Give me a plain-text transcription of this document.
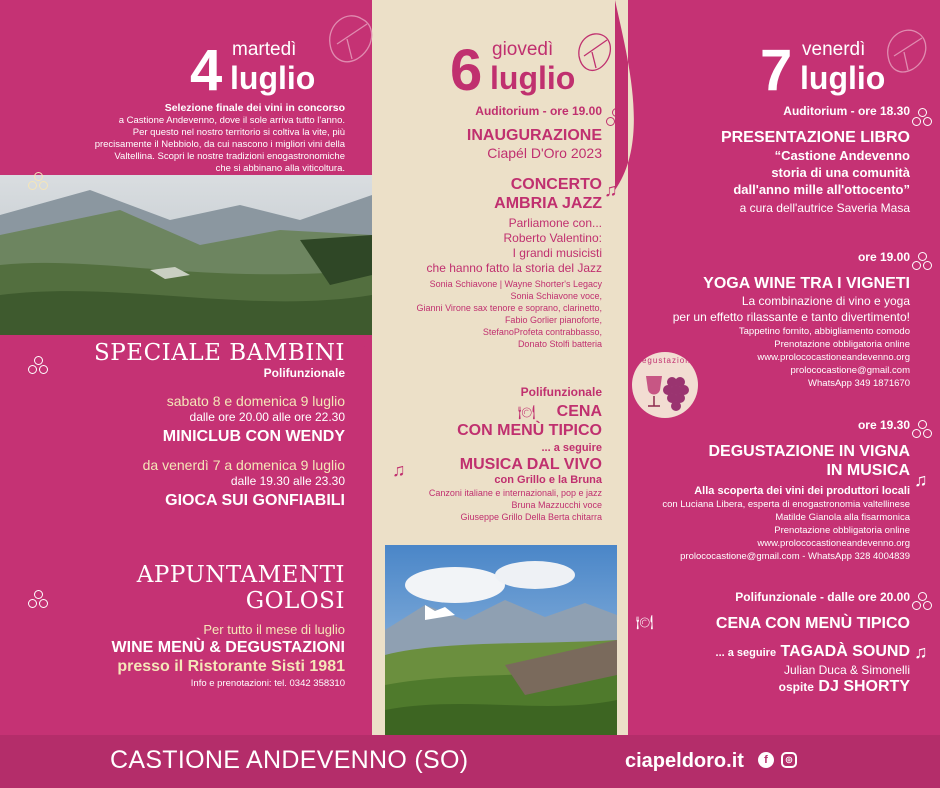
4 martedì
luglio
Selezione finale dei vini in concorso
a Castione Andevenno, dove il sole arriva tutto l'anno.
Per questo nel nostro territorio si coltiva la vite, più
precisamente il Nebbiolo, da cui nascono i migliori vini della
Valtellina. Scopri le nostre tradizioni enogastronomiche
che si abbinano alla viticoltura.
SPECIALE BAMBINI
Polifunzionale
sabato 8 e domenica 9 luglio
dalle ore 20.00 alle ore 22.30
MINICLUB CON WENDY
da venerdì 7 a domenica 9 luglio
dalle 19.30 alle 23.30
GIOCA SUI GONFIABILI
APPUNTAMENTI
GOLOSI
Per tutto il mese di luglio
WINE MENÙ & DEGUSTAZIONI
presso il Ristorante Sisti 1981
Info e prenotazioni: tel. 0342 358310
6 giovedì
luglio
Auditorium - ore 19.00
INAUGURAZIONE
Ciapél D'Oro 2023
CONCERTO
AMBRIA JAZZ
Parliamone con...
Roberto Valentino:
I grandi musicisti
che hanno fatto la storia del Jazz
Sonia Schiavone | Wayne Shorter's Legacy
Sonia Schiavone voce,
Gianni Virone sax tenore e soprano, clarinetto,
Fabio Gorlier pianoforte,
StefanoProfeta contrabbasso,
Donato Stolfi batteria
♫
Polifunzionale
CENA
CON MENÙ TIPICO
... a seguire
MUSICA DAL VIVO
con Grillo e la Bruna
Canzoni italiane e internazionali, pop e jazz
Bruna Mazzucchi voce
Giuseppe Grillo Della Berta chitarra
🍽
♫
7 venerdì
luglio
Auditorium - ore 18.30
PRESENTAZIONE LIBRO
“Castione Andevenno
storia di una comunità
dall'anno mille all'ottocento”
a cura dell'autrice Saveria Masa
ore 19.00
YOGA WINE TRA I VIGNETI
La combinazione di vino e yoga
per un effetto rilassante e tanto divertimento!
Tappetino fornito, abbigliamento comodo
Prenotazione obbligatoria online
www.prolococastioneandevenno.org
prolococastione@gmail.com
WhatsApp 349 1871670
degustazioni
ore 19.30
DEGUSTAZIONE IN VIGNA
IN MUSICA
Alla scoperta dei vini dei produttori locali
con Luciana Libera, esperta di enogastronomia valtellinese
Matilde Gianola alla fisarmonica
Prenotazione obbligatoria online
www.prolococastioneandevenno.org
prolococastione@gmail.com - WhatsApp 328 4004839
♫
Polifunzionale - dalle ore 20.00
CENA CON MENÙ TIPICO
... a seguire TAGADÀ SOUND
Julian Duca & Simonelli
ospite DJ SHORTY
🍽
♫
CASTIONE ANDEVENNO (SO)	ciapeldoro.it	f	◎
